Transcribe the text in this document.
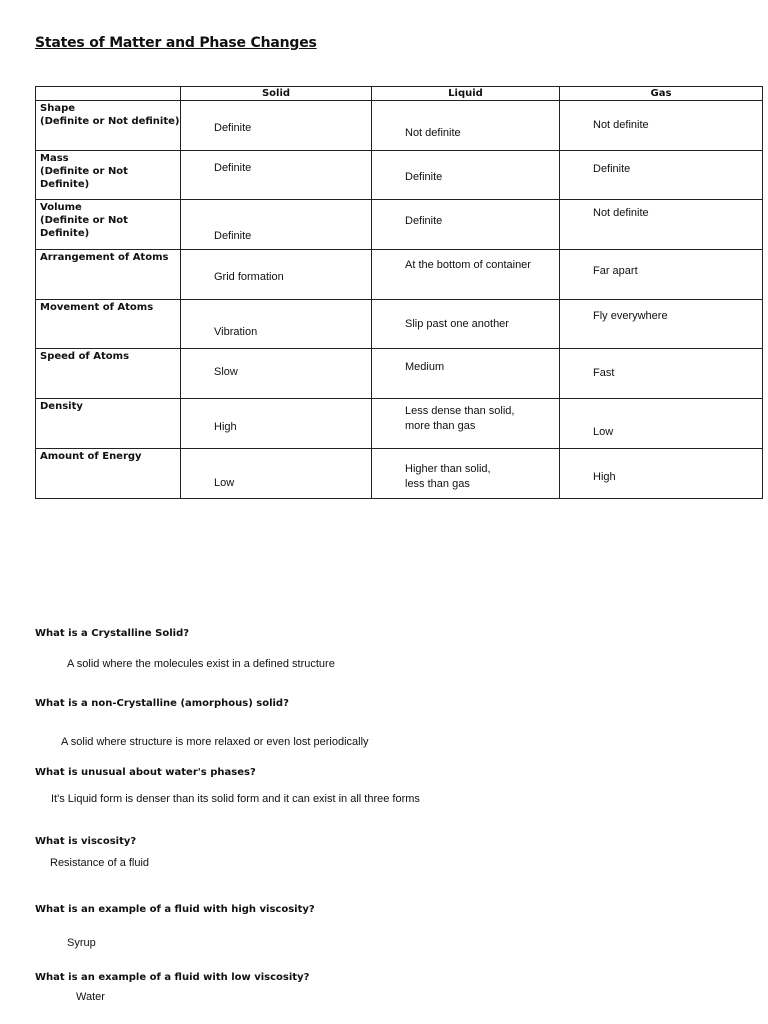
States of Matter and Phase Changes
	Solid	Liquid	Gas

Shape
(Definite or Not definite)	Definite	Not definite	Not definite

Mass
(Definite or Not Definite)	Definite	Definite	Definite

Volume
(Definite or Not Definite)	Definite	Definite	Not definite

Arrangement of Atoms	Grid formation	At the bottom of container	Far apart

Movement of Atoms	Vibration	Slip past one another	Fly everywhere

Speed of Atoms	Slow	Medium	Fast

Density	High	Less dense than solid,
more than gas	Low

Amount of Energy	Low	Higher than solid,
less than gas	High
What is a Crystalline Solid?
A solid where the molecules exist in a defined structure
What is a non-Crystalline (amorphous) solid?
A solid where structure is more relaxed or even lost periodically
What is unusual about water's phases?
It's Liquid form is denser than its solid form and it can exist in all three forms
What is viscosity?
Resistance of a fluid
What is an example of a fluid with high viscosity?
Syrup
What is an example of a fluid with low viscosity?
Water
